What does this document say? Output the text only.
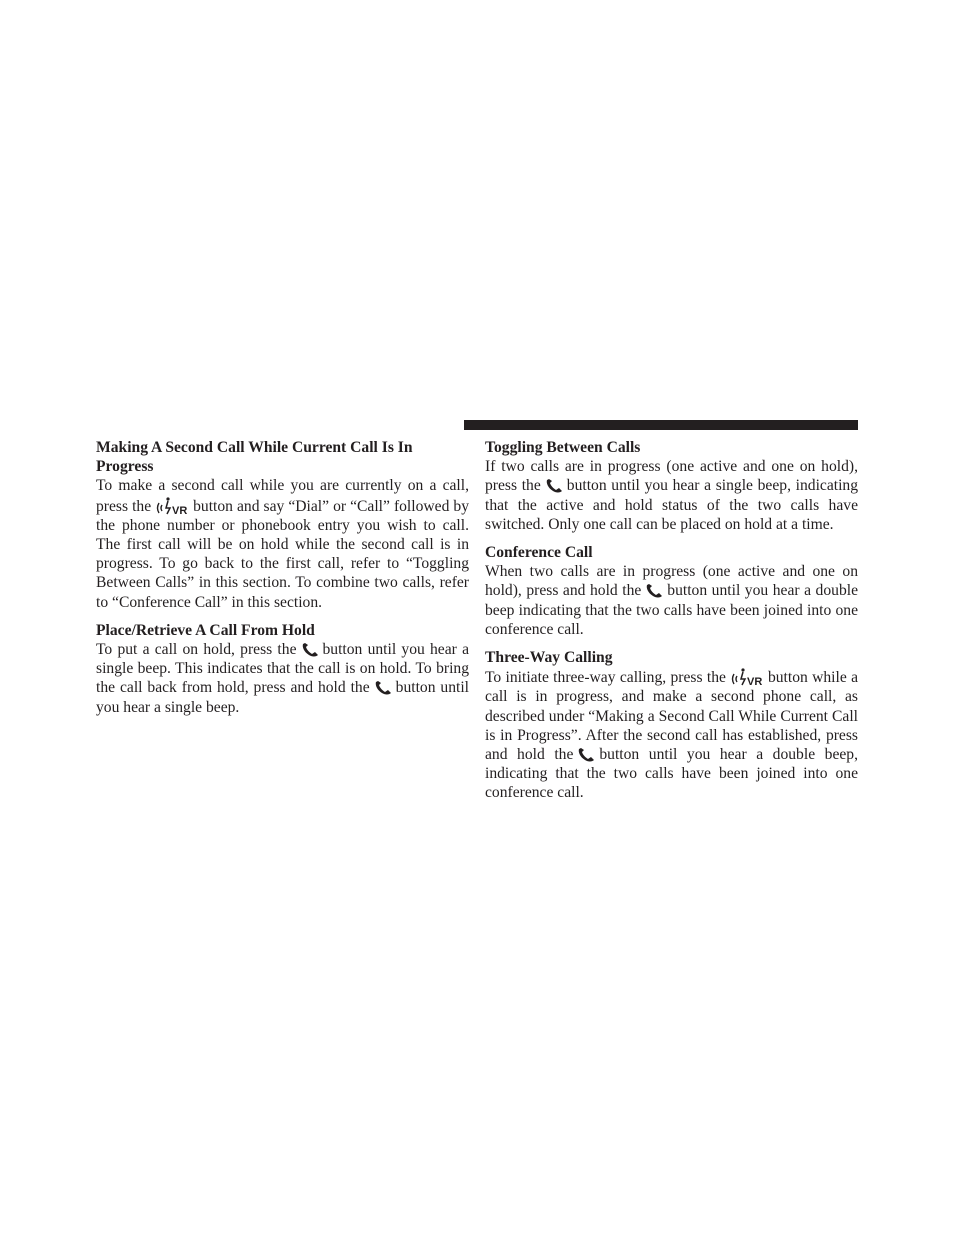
Making A Second Call While Current Call Is In Progress

To make a second call while you are currently on a call, press the VR button and say “Dial” or “Call” followed by the phone number or phonebook entry you wish to call. The first call will be on hold while the second call is in progress. To go back to the first call, refer to “Toggling Between Calls” in this section. To combine two calls, refer to “Conference Call” in this section.

Place/Retrieve A Call From Hold

To put a call on hold, press the button until you hear a single beep. This indicates that the call is on hold. To bring the call back from hold, press and hold the button until you hear a single beep.

Toggling Between Calls

If two calls are in progress (one active and one on hold), press the button until you hear a single beep, indicating that the active and hold status of the two calls have switched. Only one call can be placed on hold at a time.

Conference Call

When two calls are in progress (one active and one on hold), press and hold the button until you hear a double beep indicating that the two calls have been joined into one conference call.

Three-Way Calling

To initiate three-way calling, press the VR button while a call is in progress, and make a second phone call, as described under “Making a Second Call While Current Call is in Progress”. After the second call has established, press and hold the button until you hear a double beep, indicating that the two calls have been joined into one conference call.
